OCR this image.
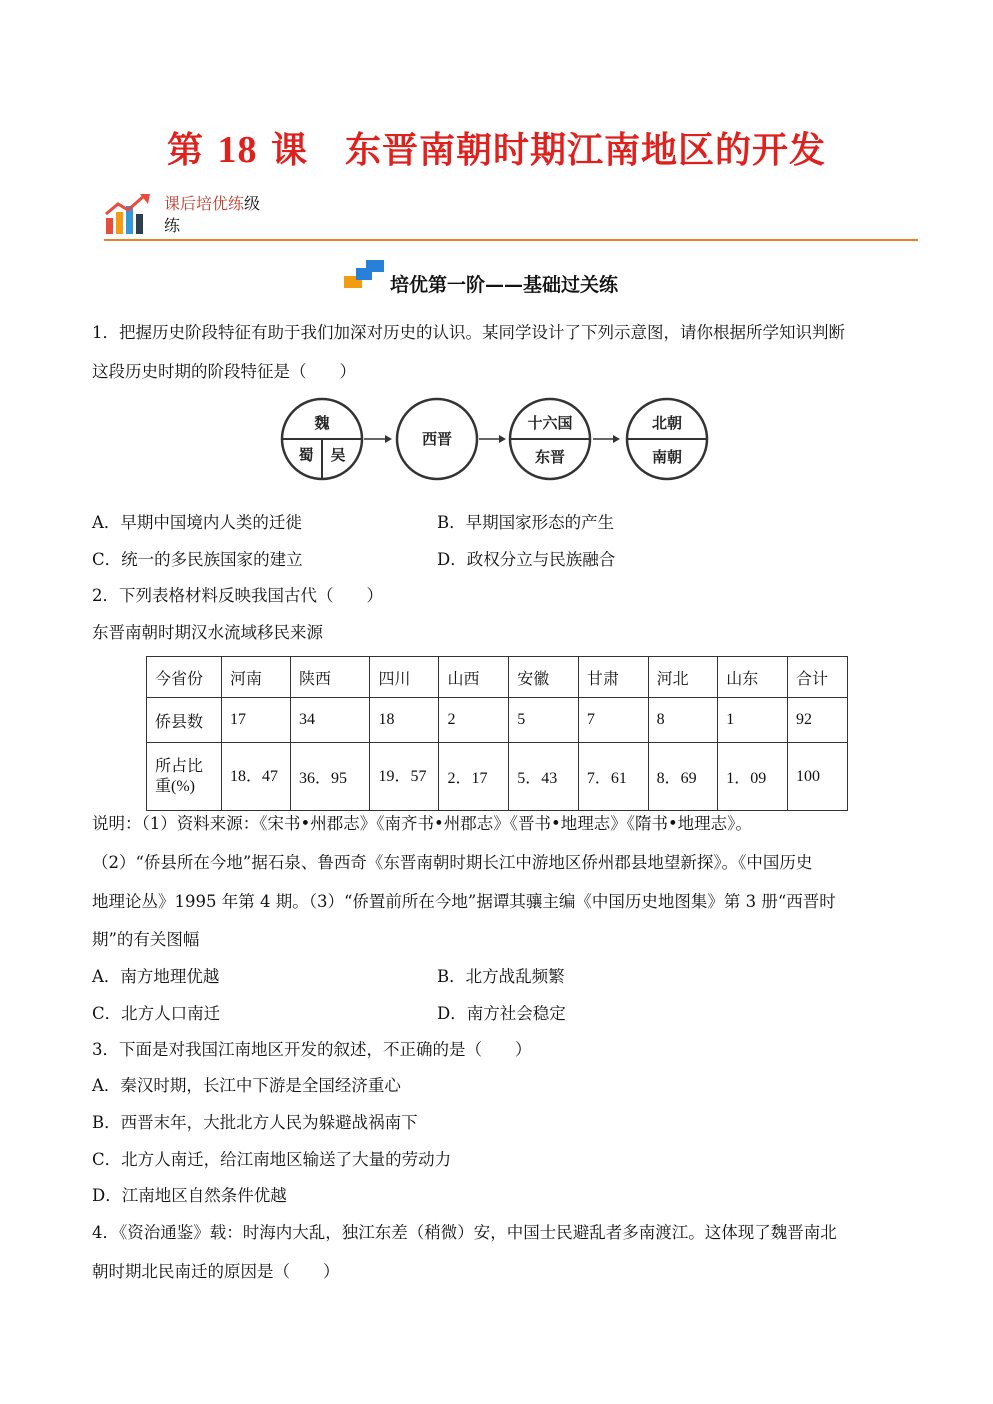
第 18 课　东晋南朝时期江南地区的开发
课后培优练级
练
培优第一阶——基础过关练
1．把握历史阶段特征有助于我们加深对历史的认识。某同学设计了下列示意图，请你根据所学知识判断
这段历史时期的阶段特征是（　　）
魏
蜀 吴
西晋
十六国
东晋
北朝
南朝
A．早期中国境内人类的迁徙	B．早期国家形态的产生
C．统一的多民族国家的建立	D．政权分立与民族融合
2．下列表格材料反映我国古代（　　）
东晋南朝时期汉水流域移民来源
今省份	河南	陕西	四川	山西	安徽	甘肃	河北	山东	合计
侨县数	17	34	18	2	5	7	8	1	92
所占比重(%)	18．47	36．95	19．57	2．17	5．43	7．61	8．69	1．09	100
说明：（1）资料来源：《宋书•州郡志》《南齐书•州郡志》《晋书•地理志》《隋书•地理志》。
（2）“侨县所在今地”据石泉、鲁西奇《东晋南朝时期长江中游地区侨州郡县地望新探》。《中国历史
地理论丛》1995 年第 4 期。（3）“侨置前所在今地”据谭其骧主编《中国历史地图集》第 3 册“西晋时
期”的有关图幅
A．南方地理优越	B．北方战乱频繁
C．北方人口南迁	D．南方社会稳定
3．下面是对我国江南地区开发的叙述，不正确的是（　　）
A．秦汉时期，长江中下游是全国经济重心
B．西晋末年，大批北方人民为躲避战祸南下
C．北方人南迁，给江南地区输送了大量的劳动力
D．江南地区自然条件优越
4．《资治通鉴》载：时海内大乱，独江东差（稍微）安，中国士民避乱者多南渡江。这体现了魏晋南北
朝时期北民南迁的原因是（　　）
